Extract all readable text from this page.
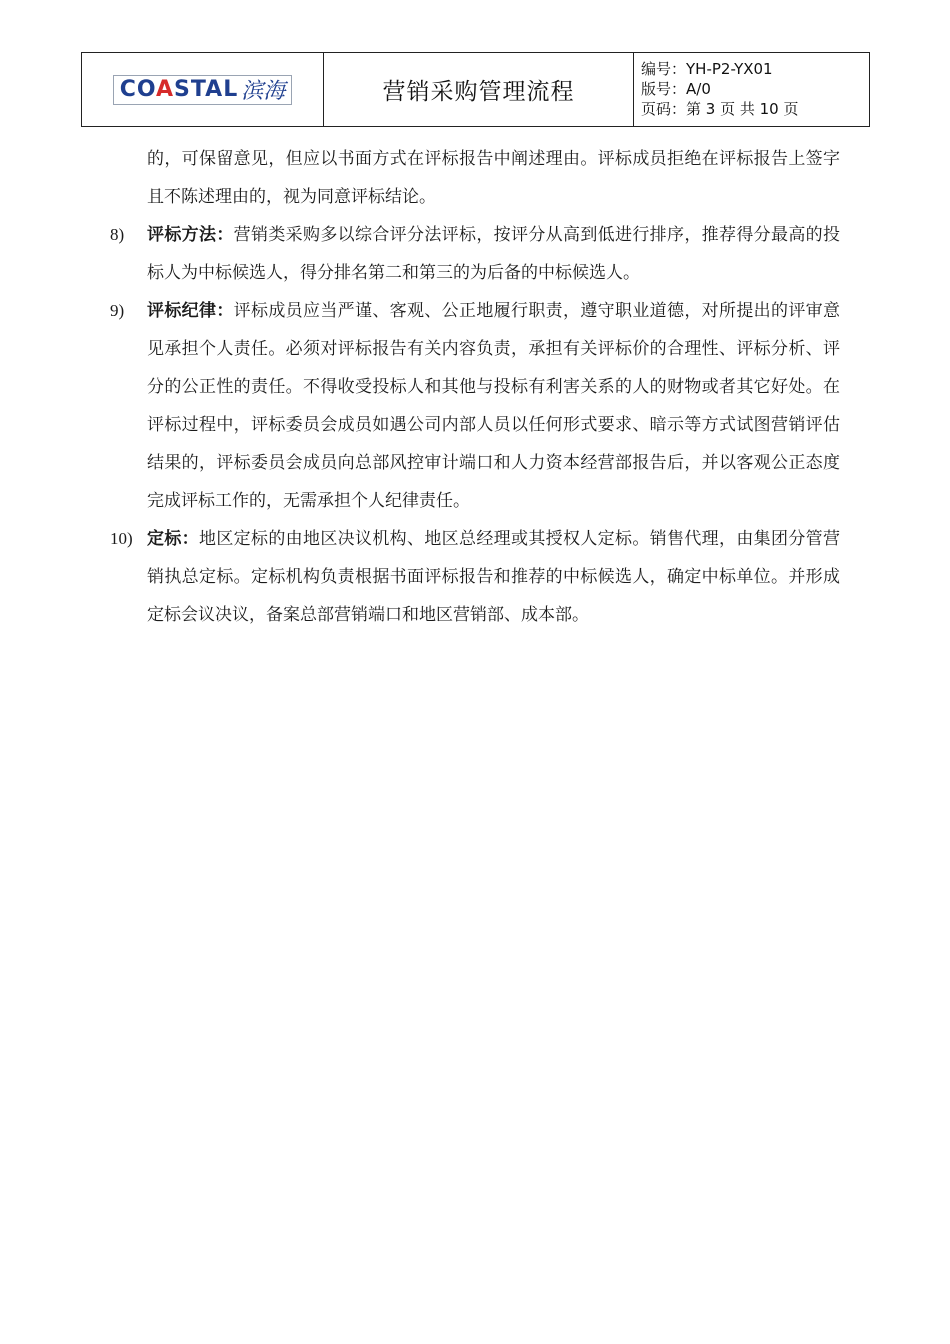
COASTAL 滨海	营销采购管理流程
编号：YH-P2-YX01
版号：A/0
页码：第 3 页 共 10 页
的，可保留意见，但应以书面方式在评标报告中阐述理由。评标成员拒绝在评标报告上签字且不陈述理由的，视为同意评标结论。
8)	评标方法：营销类采购多以综合评分法评标，按评分从高到低进行排序，推荐得分最高的投标人为中标候选人，得分排名第二和第三的为后备的中标候选人。
9)	评标纪律：评标成员应当严谨、客观、公正地履行职责，遵守职业道德，对所提出的评审意见承担个人责任。必须对评标报告有关内容负责，承担有关评标价的合理性、评标分析、评分的公正性的责任。不得收受投标人和其他与投标有利害关系的人的财物或者其它好处。在评标过程中，评标委员会成员如遇公司内部人员以任何形式要求、暗示等方式试图营销评估结果的，评标委员会成员向总部风控审计端口和人力资本经营部报告后，并以客观公正态度完成评标工作的，无需承担个人纪律责任。
10) 定标：地区定标的由地区决议机构、地区总经理或其授权人定标。销售代理，由集团分管营销执总定标。定标机构负责根据书面评标报告和推荐的中标候选人，确定中标单位。并形成定标会议决议，备案总部营销端口和地区营销部、成本部。
